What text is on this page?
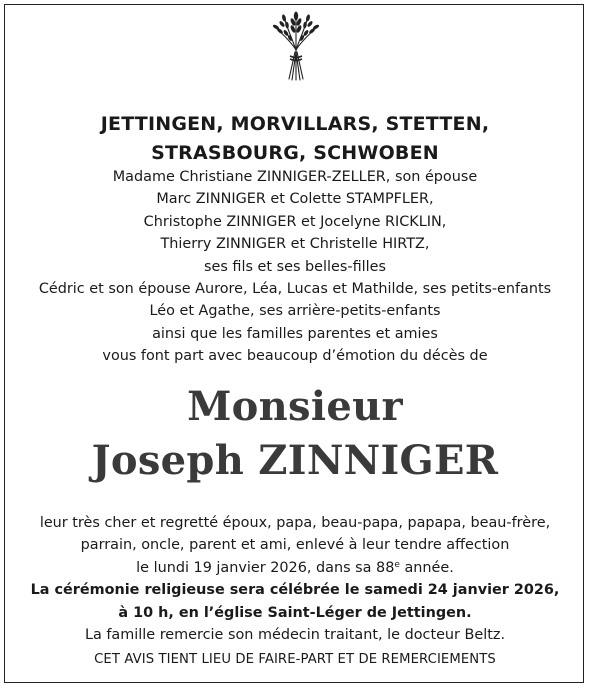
JETTINGEN, MORVILLARS, STETTEN,
STRASBOURG, SCHWOBEN
Madame Christiane ZINNIGER-ZELLER, son épouse
Marc ZINNIGER et Colette STAMPFLER,
Christophe ZINNIGER et Jocelyne RICKLIN,
Thierry ZINNIGER et Christelle HIRTZ,
ses fils et ses belles-filles
Cédric et son épouse Aurore, Léa, Lucas et Mathilde, ses petits-enfants
Léo et Agathe, ses arrière-petits-enfants
ainsi que les familles parentes et amies
vous font part avec beaucoup d’émotion du décès de
Monsieur
Joseph ZINNIGER
leur très cher et regretté époux, papa, beau-papa, papapa, beau-frère,
parrain, oncle, parent et ami, enlevé à leur tendre affection
le lundi 19 janvier 2026, dans sa 88e année.
La cérémonie religieuse sera célébrée le samedi 24 janvier 2026,
à 10 h, en l’église Saint-Léger de Jettingen.
La famille remercie son médecin traitant, le docteur Beltz.
CET AVIS TIENT LIEU DE FAIRE-PART ET DE REMERCIEMENTS
